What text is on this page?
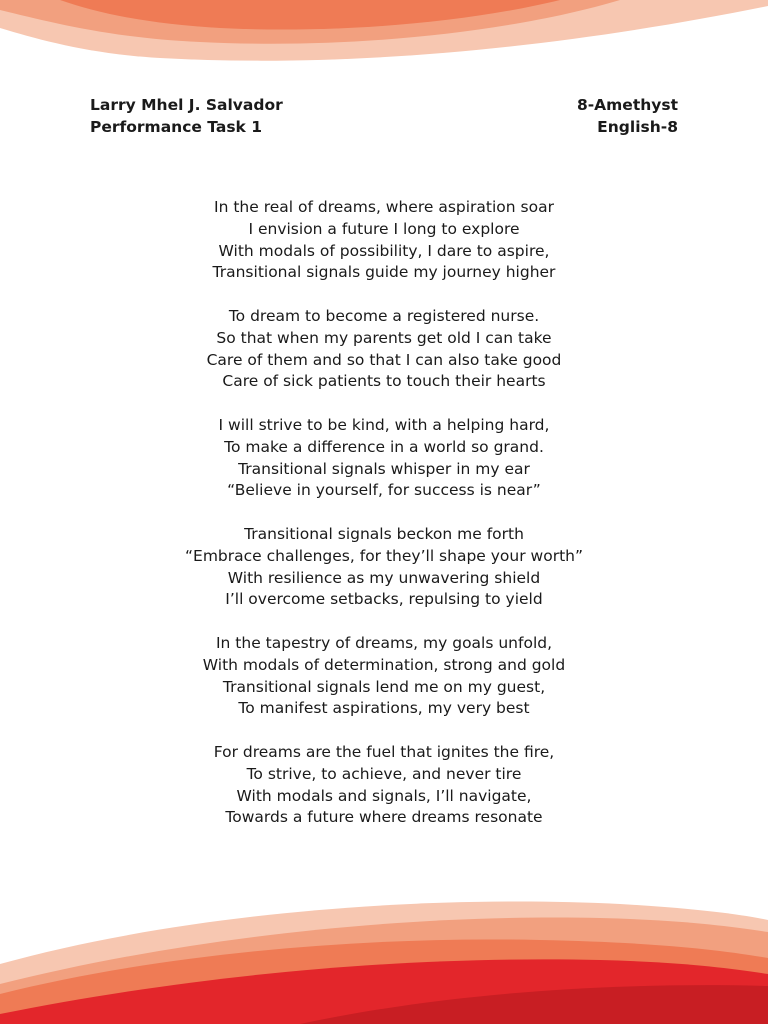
Larry Mhel J. Salvador	8-Amethyst
Performance Task 1	English-8
In the real of dreams, where aspiration soar
I envision a future I long to explore
With modals of possibility, I dare to aspire,
Transitional signals guide my journey higher
To dream to become a registered nurse.
So that when my parents get old I can take
Care of them and so that I can also take good
Care of sick patients to touch their hearts
I will strive to be kind, with a helping hard,
To make a difference in a world so grand.
Transitional signals whisper in my ear
“Believe in yourself, for success is near”
Transitional signals beckon me forth
“Embrace challenges, for they’ll shape your worth”
With resilience as my unwavering shield
I’ll overcome setbacks, repulsing to yield
In the tapestry of dreams, my goals unfold,
With modals of determination, strong and gold
Transitional signals lend me on my guest,
To manifest aspirations, my very best
For dreams are the fuel that ignites the fire,
To strive, to achieve, and never tire
With modals and signals, I’ll navigate,
Towards a future where dreams resonate
